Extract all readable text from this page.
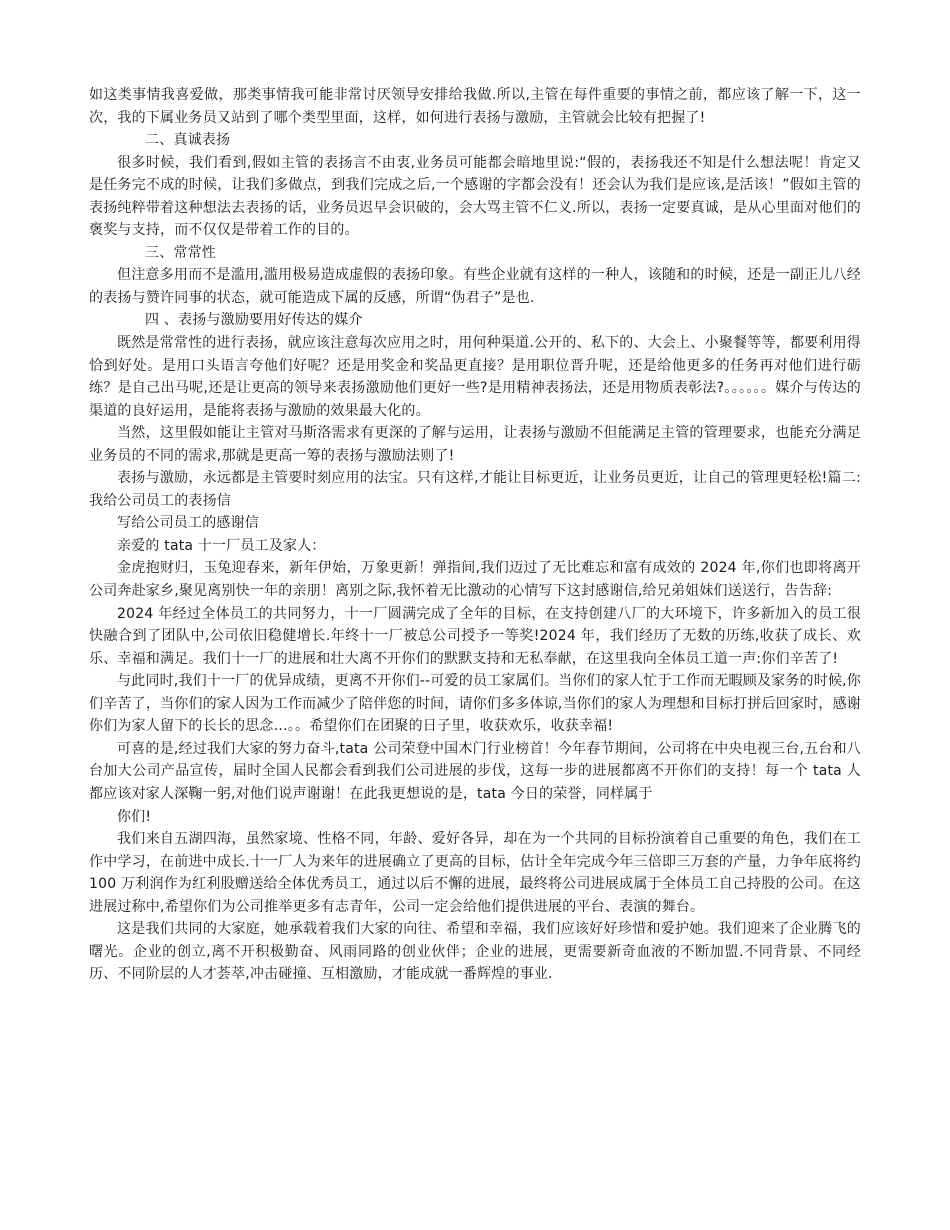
如这类事情我喜爱做，那类事情我可能非常讨厌领导安排给我做.所以,主管在每件重要的事情之前，都应该了解一下，这一次，我的下属业务员又站到了哪个类型里面，这样，如何进行表扬与激励，主管就会比较有把握了!

二、真诚表扬

很多时候，我们看到,假如主管的表扬言不由衷,业务员可能都会暗地里说:“假的，表扬我还不知是什么想法呢！肯定又是任务完不成的时候，让我们多做点，到我们完成之后,一个感谢的字都会没有！还会认为我们是应该,是活该！”假如主管的表扬纯粹带着这种想法去表扬的话，业务员迟早会识破的，会大骂主管不仁义.所以，表扬一定要真诚，是从心里面对他们的褒奖与支持，而不仅仅是带着工作的目的。

三、常常性

但注意多用而不是滥用,滥用极易造成虚假的表扬印象。有些企业就有这样的一种人，该随和的时候，还是一副正儿八经的表扬与赞许同事的状态，就可能造成下属的反感，所谓“伪君子”是也.

四 、表扬与激励要用好传达的媒介

既然是常常性的进行表扬，就应该注意每次应用之时，用何种渠道.公开的、私下的、大会上、小聚餐等等，都要利用得恰到好处。是用口头语言夸他们好呢？还是用奖金和奖品更直接？是用职位晋升呢，还是给他更多的任务再对他们进行砺练？是自己出马呢,还是让更高的领导来表扬激励他们更好一些?是用精神表扬法，还是用物质表彰法?。。。。。。媒介与传达的渠道的良好运用，是能将表扬与激励的效果最大化的。

当然，这里假如能让主管对马斯洛需求有更深的了解与运用，让表扬与激励不但能满足主管的管理要求，也能充分满足业务员的不同的需求,那就是更高一筹的表扬与激励法则了!

表扬与激励，永远都是主管要时刻应用的法宝。只有这样,才能让目标更近，让业务员更近，让自己的管理更轻松!篇二:我给公司员工的表扬信

写给公司员工的感谢信

亲爱的 tata 十一厂员工及家人：

金虎抱财归，玉兔迎春来，新年伊始，万象更新！弹指间,我们迈过了无比难忘和富有成效的 2024 年,你们也即将离开公司奔赴家乡,聚见离别快一年的亲朋！离别之际,我怀着无比激动的心情写下这封感谢信,给兄弟姐妹们送送行，告告辞:

2024 年经过全体员工的共同努力，十一厂圆满完成了全年的目标，在支持创建八厂的大环境下，许多新加入的员工很快融合到了团队中,公司依旧稳健增长.年终十一厂被总公司授予一等奖!2024 年，我们经历了无数的历练,收获了成长、欢乐、幸福和满足。我们十一厂的进展和壮大离不开你们的默默支持和无私奉献，在这里我向全体员工道一声:你们辛苦了!

与此同时,我们十一厂的优异成绩，更离不开你们--可爱的员工家属们。当你们的家人忙于工作而无暇顾及家务的时候,你们辛苦了，当你们的家人因为工作而减少了陪伴您的时间，请你们多多体谅,当你们的家人为理想和目标打拼后回家时，感谢你们为家人留下的长长的思念…。。希望你们在团聚的日子里，收获欢乐，收获幸福!

可喜的是,经过我们大家的努力奋斗,tata 公司荣登中国木门行业榜首！今年春节期间，公司将在中央电视三台,五台和八台加大公司产品宣传，届时全国人民都会看到我们公司进展的步伐，这每一步的进展都离不开你们的支持！每一个 tata 人都应该对家人深鞠一躬,对他们说声谢谢！在此我更想说的是，tata 今日的荣誉，同样属于

你们!

我们来自五湖四海，虽然家境、性格不同，年龄、爱好各异，却在为一个共同的目标扮演着自己重要的角色，我们在工作中学习，在前进中成长.十一厂人为来年的进展确立了更高的目标，估计全年完成今年三倍即三万套的产量，力争年底将约 100 万利润作为红利股赠送给全体优秀员工，通过以后不懈的进展，最终将公司进展成属于全体员工自己持股的公司。在这进展过称中,希望你们为公司推举更多有志青年，公司一定会给他们提供进展的平台、表演的舞台。

这是我们共同的大家庭，她承载着我们大家的向往、希望和幸福，我们应该好好珍惜和爱护她。我们迎来了企业腾飞的曙光。企业的创立,离不开积极勤奋、风雨同路的创业伙伴；企业的进展，更需要新奇血液的不断加盟.不同背景、不同经历、不同阶层的人才荟萃,冲击碰撞、互相激励，才能成就一番辉煌的事业.
